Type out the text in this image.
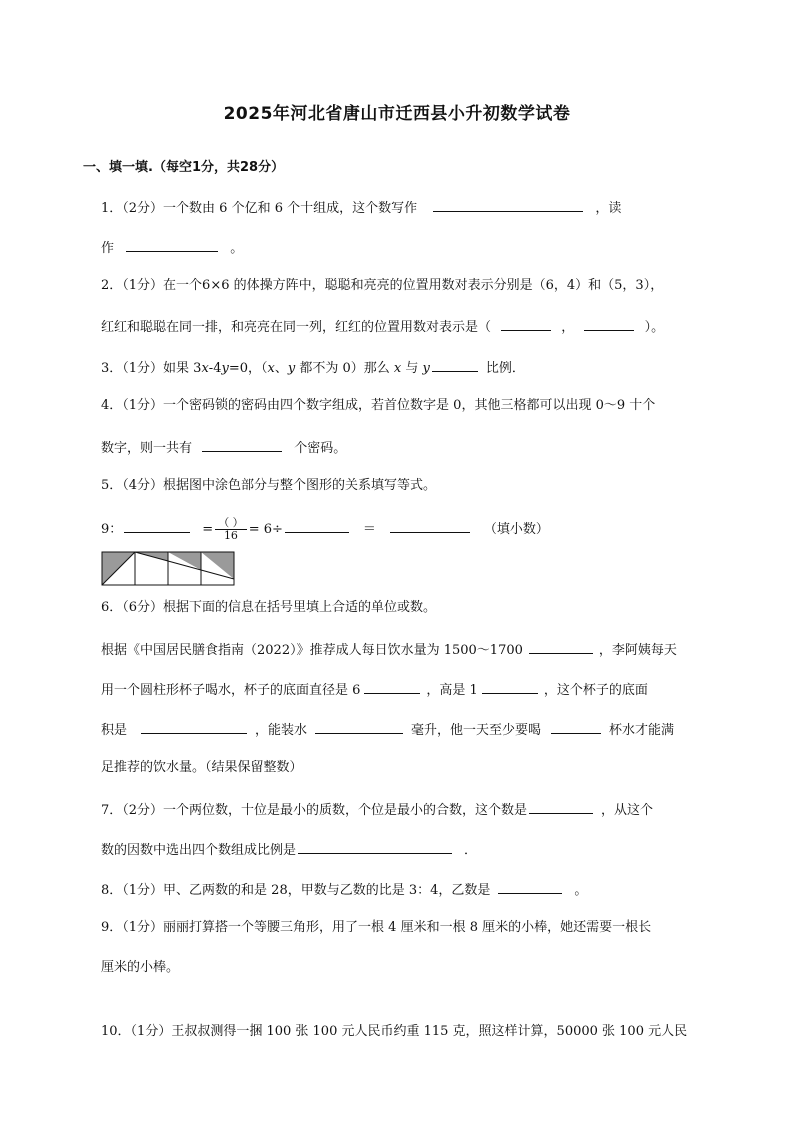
2025年河北省唐山市迁西县小升初数学试卷
一、填一填.（每空1分，共28分）
1．（2分）一个数由 6 个亿和 6 个十组成，这个数写作	，读
作	。
2．（1分）在一个6×6 的体操方阵中，聪聪和亮亮的位置用数对表示分别是（6，4）和（5，3），
红红和聪聪在同一排，和亮亮在同一列，红红的位置用数对表示是（	，	）。
3．（1分）如果 3x-4y=0，（x、y 都不为 0）那么 x 与 y	比例．
4．（1分）一个密码锁的密码由四个数字组成，若首位数字是 0，其他三格都可以出现 0～9 十个
数字，则一共有	个密码。
5．（4分）根据图中涂色部分与整个图形的关系填写等式。
9：	= $\frac{( )}{16} = 6\div$	＝	（填小数）
6．（6分）根据下面的信息在括号里填上合适的单位或数。
根据《中国居民膳食指南（2022）》推荐成人每日饮水量为 1500～1700	，李阿姨每天
用一个圆柱形杯子喝水，杯子的底面直径是 6	，高是 1	，这个杯子的底面
积是	，能装水	毫升，他一天至少要喝	杯水才能满
足推荐的饮水量。（结果保留整数）
7．（2分）一个两位数，十位是最小的质数，个位是最小的合数，这个数是	，从这个
数的因数中选出四个数组成比例是	．
8．（1分）甲、乙两数的和是 28，甲数与乙数的比是 3：4，乙数是	。
9．（1分）丽丽打算搭一个等腰三角形，用了一根 4 厘米和一根 8 厘米的小棒，她还需要一根长
厘米的小棒。
10．（1分）王叔叔测得一捆 100 张 100 元人民币约重 115 克，照这样计算，50000 张 100 元人民
